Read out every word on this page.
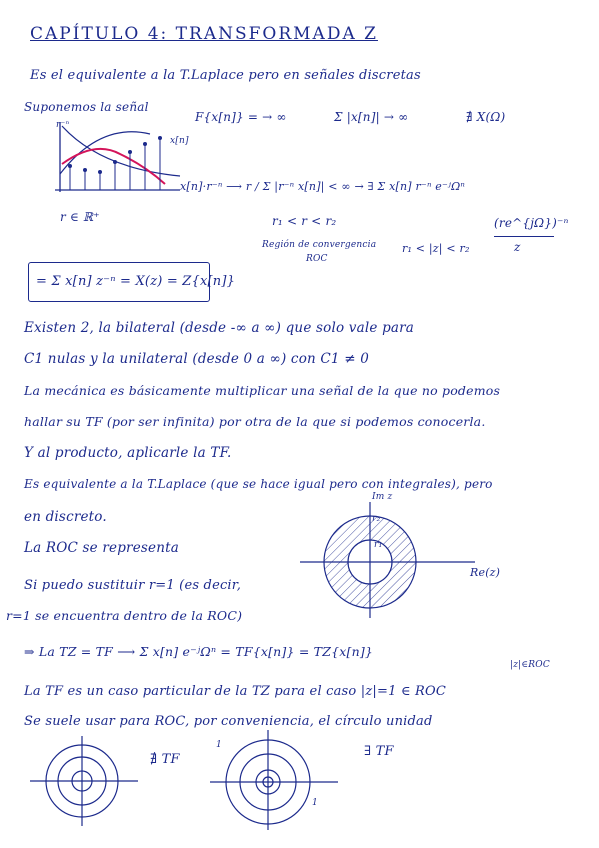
CAPÍTULO 4: TRANSFORMADA Z
Es el equivalente a la T.Laplace pero en señales discretas
Suponemos la señal
F{x[n]} = → ∞	Σ |x[n]| → ∞	∄ X(Ω)
r⁻ⁿ
x[n]
x[n]·r⁻ⁿ ⟶ r / Σ |r⁻ⁿ x[n]| < ∞ → ∃ Σ x[n] r⁻ⁿ e⁻ʲΩⁿ
r ∈ ℝ⁺	r₁ < r < r₂	(re^{jΩ})⁻ⁿ
z
Región de convergencia
ROC
r₁ < |z| < r₂
= Σ x[n] z⁻ⁿ = X(z) = Z{x[n]}
Existen 2, la bilateral (desde -∞ a ∞) que solo vale para
C1 nulas y la unilateral (desde 0 a ∞) con C1 ≠ 0
La mecánica es básicamente multiplicar una señal de la que no podemos
hallar su TF (por ser infinita) por otra de la que si podemos conocerla.
Y al producto, aplicarle la TF.
Es equivalente a la T.Laplace (que se hace igual pero con integrales), pero
en discreto.
La ROC se representa
Im z
r₂
r₁
Re(z)
Si puedo sustituir r=1 (es decir,
r=1 se encuentra dentro de la ROC)
⇒ La TZ = TF ⟶ Σ x[n] e⁻ʲΩⁿ = TF{x[n]} = TZ{x[n]}
|z|∈ROC
La TF es un caso particular de la TZ para el caso |z|=1 ∈ ROC
Se suele usar para ROC, por conveniencia, el círculo unidad
∄ TF
1
1
∃ TF
